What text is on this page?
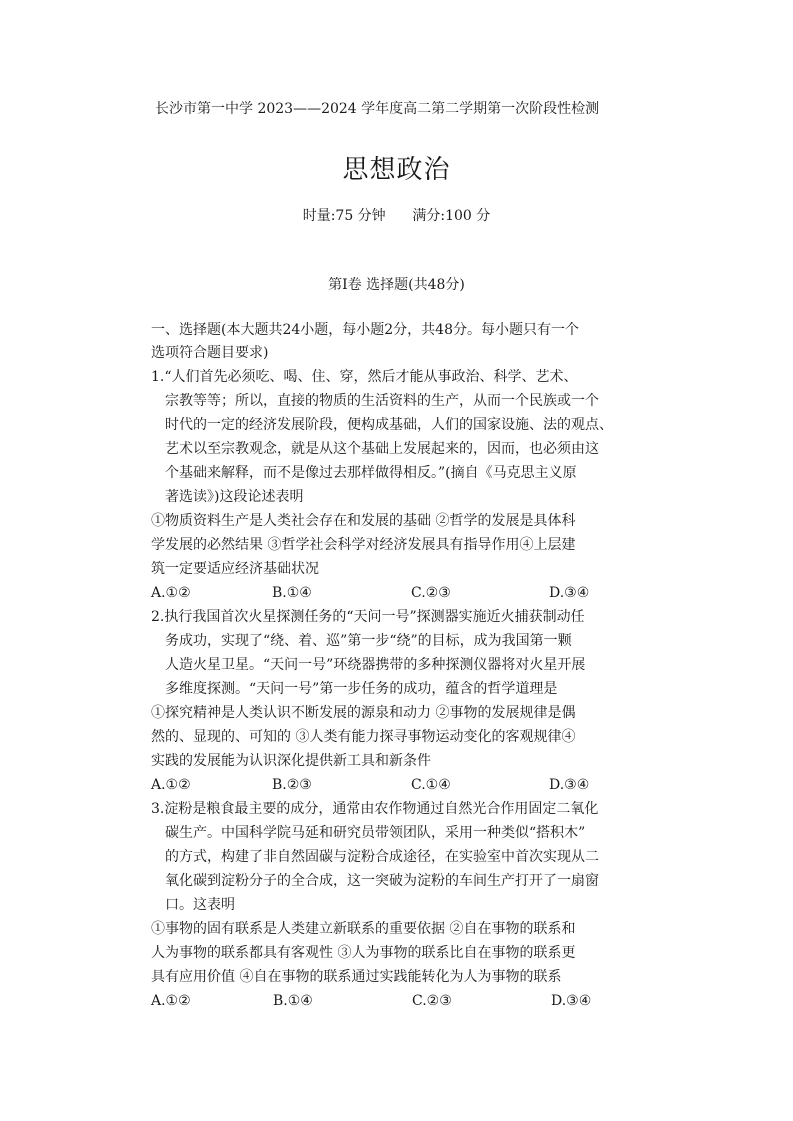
长沙市第一中学 2023——2024 学年度高二第二学期第一次阶段性检测
思想政治
时量:75 分钟 满分:100 分
第Ⅰ卷 选择题(共48分)
一、选择题(本大题共24小题，每小题2分，共48分。每小题只有一个
选项符合题目要求)
1.“人们首先必须吃、喝、住、穿，然后才能从事政治、科学、艺术、
宗教等等；所以，直接的物质的生活资料的生产，从而一个民族或一个
时代的一定的经济发展阶段，便构成基础，人们的国家设施、法的观点、
艺术以至宗教观念，就是从这个基础上发展起来的，因而，也必须由这
个基础来解释，而不是像过去那样做得相反。”(摘自《马克思主义原
著选读》)这段论述表明
①物质资料生产是人类社会存在和发展的基础 ②哲学的发展是具体科
学发展的必然结果 ③哲学社会科学对经济发展具有指导作用④上层建
筑一定要适应经济基础状况
A.①②	B.①④	C.②③	D.③④
2.执行我国首次火星探测任务的“天问一号”探测器实施近火捕获制动任
务成功，实现了“绕、着、巡”第一步“绕”的目标，成为我国第一颗
人造火星卫星。“天问一号”环绕器携带的多种探测仪器将对火星开展
多维度探测。“天问一号”第一步任务的成功，蕴含的哲学道理是
①探究精神是人类认识不断发展的源泉和动力 ②事物的发展规律是偶
然的、显现的、可知的 ③人类有能力探寻事物运动变化的客观规律④
实践的发展能为认识深化提供新工具和新条件
A.①②	B.②③	C.①④	D.③④
3.淀粉是粮食最主要的成分，通常由农作物通过自然光合作用固定二氧化
碳生产。中国科学院马延和研究员带领团队，采用一种类似“搭积木”
的方式，构建了非自然固碳与淀粉合成途径，在实验室中首次实现从二
氧化碳到淀粉分子的全合成，这一突破为淀粉的车间生产打开了一扇窗
口。这表明
①事物的固有联系是人类建立新联系的重要依据 ②自在事物的联系和
人为事物的联系都具有客观性 ③人为事物的联系比自在事物的联系更
具有应用价值 ④自在事物的联系通过实践能转化为人为事物的联系
A.①②	B.①④	C.②③	D.③④
